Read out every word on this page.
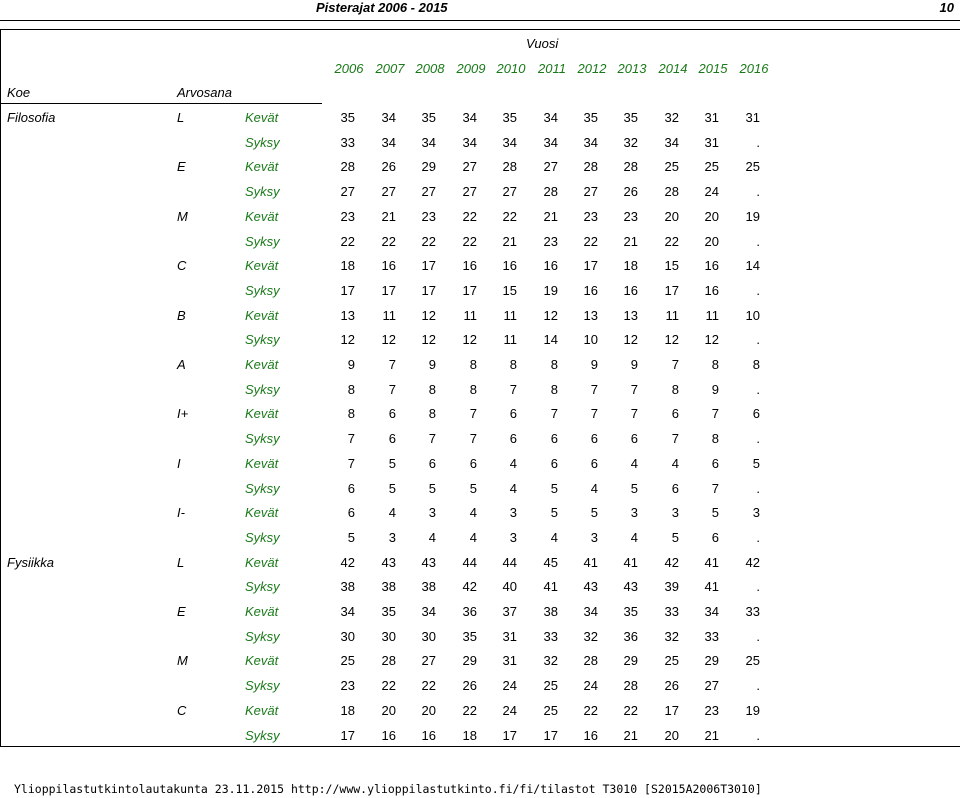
Pisterajat 2006 - 2015	10
Vuosi
Koe	Arvosana
2006 2007 2008 2009 2010 2011 2012 2013 2014 2015 2016
Filosofia	L	Kevät	35	34	35	34	35	34	35	35	32	31	31
Syksy	33	34	34	34	34	34	34	32	34	31	.
E	Kevät	28	26	29	27	28	27	28	28	25	25	25
Syksy	27	27	27	27	27	28	27	26	28	24	.
M	Kevät	23	21	23	22	22	21	23	23	20	20	19
Syksy	22	22	22	22	21	23	22	21	22	20	.
C	Kevät	18	16	17	16	16	16	17	18	15	16	14
Syksy	17	17	17	17	15	19	16	16	17	16	.
B	Kevät	13	11	12	11	11	12	13	13	11	11	10
Syksy	12	12	12	12	11	14	10	12	12	12	.
A	Kevät	9	7	9	8	8	8	9	9	7	8	8
Syksy	8	7	8	8	7	8	7	7	8	9	.
I+	Kevät	8	6	8	7	6	7	7	7	6	7	6
Syksy	7	6	7	7	6	6	6	6	7	8	.
I	Kevät	7	5	6	6	4	6	6	4	4	6	5
Syksy	6	5	5	5	4	5	4	5	6	7	.
I-	Kevät	6	4	3	4	3	5	5	3	3	5	3
Syksy	5	3	4	4	3	4	3	4	5	6	.
Fysiikka	L	Kevät	42	43	43	44	44	45	41	41	42	41	42
Syksy	38	38	38	42	40	41	43	43	39	41	.
E	Kevät	34	35	34	36	37	38	34	35	33	34	33
Syksy	30	30	30	35	31	33	32	36	32	33	.
M	Kevät	25	28	27	29	31	32	28	29	25	29	25
Syksy	23	22	22	26	24	25	24	28	26	27	.
C	Kevät	18	20	20	22	24	25	22	22	17	23	19
Syksy	17	16	16	18	17	17	16	21	20	21	.
Ylioppilastutkintolautakunta 23.11.2015 http://www.ylioppilastutkinto.fi/fi/tilastot T3010 [S2015A2006T3010]
